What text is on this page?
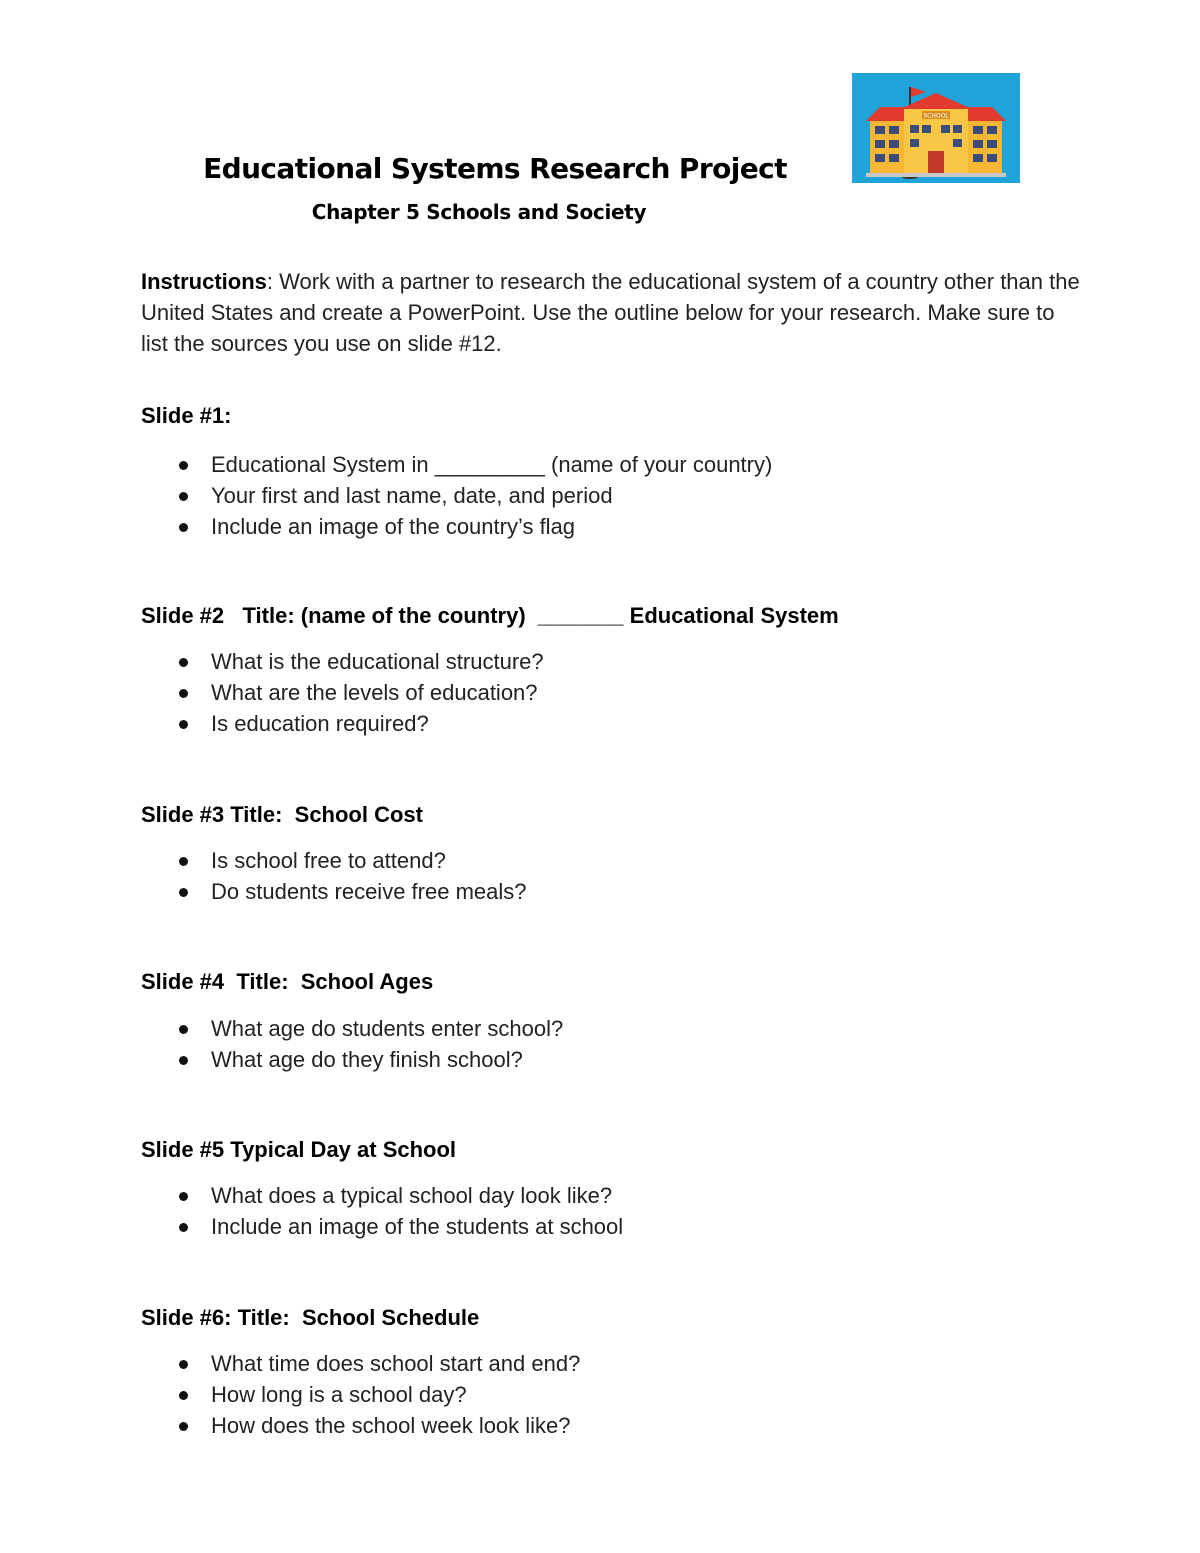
Educational Systems Research Project
Chapter 5 Schools and Society
SCHOOL
Instructions: Work with a partner to research the educational system of a country other than the United States and create a PowerPoint. Use the outline below for your research. Make sure to list the sources you use on slide #12.
Slide #1:
Educational System in _________ (name of your country)
Your first and last name, date, and period
Include an image of the country’s flag
Slide #2   Title: (name of the country)  _______ Educational System
What is the educational structure?
What are the levels of education?
Is education required?
Slide #3 Title:  School Cost
Is school free to attend?
Do students receive free meals?
Slide #4  Title:  School Ages
What age do students enter school?
What age do they finish school?
Slide #5 Typical Day at School
What does a typical school day look like?
Include an image of the students at school
Slide #6: Title:  School Schedule
What time does school start and end?
How long is a school day?
How does the school week look like?
